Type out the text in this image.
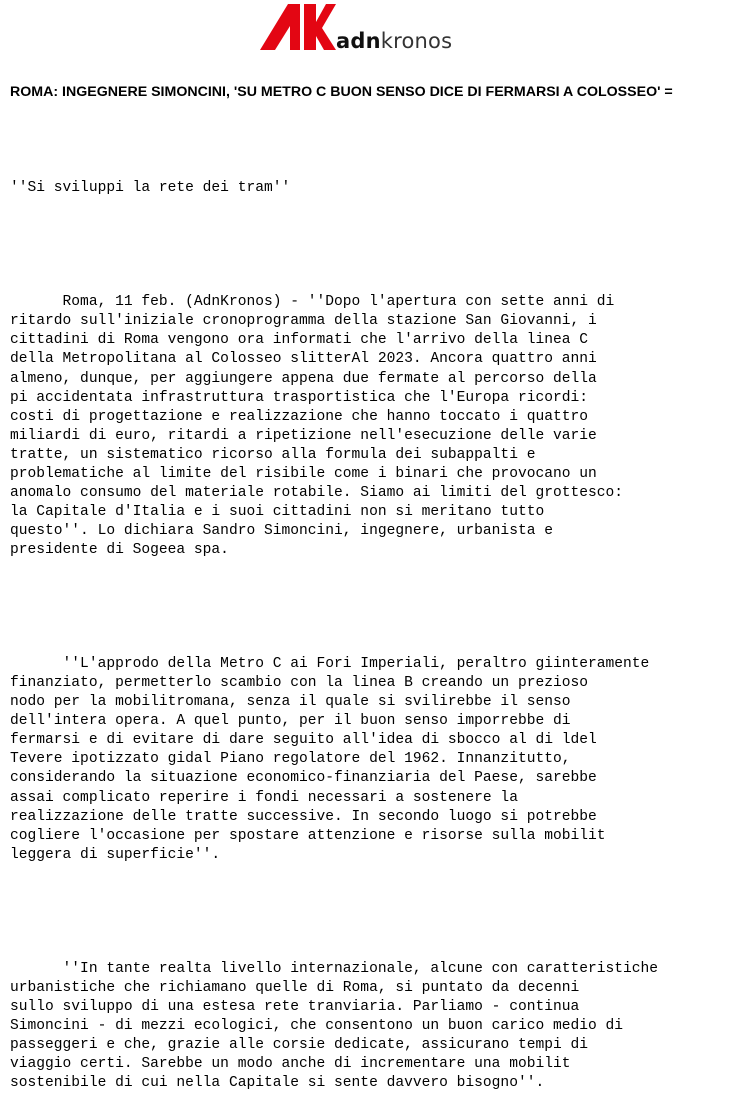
adnkronos
ROMA: INGEGNERE SIMONCINI, 'SU METRO C BUON SENSO DICE DI FERMARSI A COLOSSEO' =

''Si sviluppi la rete dei tram''

Roma, 11 feb. (AdnKronos) - ''Dopo l'apertura con sette anni di
ritardo sull'iniziale cronoprogramma della stazione San Giovanni, i
cittadini di Roma vengono ora informati che l'arrivo della linea C
della Metropolitana al Colosseo slitterAl 2023. Ancora quattro anni
almeno, dunque, per aggiungere appena due fermate al percorso della
pi accidentata infrastruttura trasportistica che l'Europa ricordi:
costi di progettazione e realizzazione che hanno toccato i quattro
miliardi di euro, ritardi a ripetizione nell'esecuzione delle varie
tratte, un sistematico ricorso alla formula dei subappalti e
problematiche al limite del risibile come i binari che provocano un
anomalo consumo del materiale rotabile. Siamo ai limiti del grottesco:
la Capitale d'Italia e i suoi cittadini non si meritano tutto
questo''. Lo dichiara Sandro Simoncini, ingegnere, urbanista e
presidente di Sogeea spa.

''L'approdo della Metro C ai Fori Imperiali, peraltro giinteramente
finanziato, permetterlo scambio con la linea B creando un prezioso
nodo per la mobilitromana, senza il quale si svilirebbe il senso
dell'intera opera. A quel punto, per il buon senso imporrebbe di
fermarsi e di evitare di dare seguito all'idea di sbocco al di ldel
Tevere ipotizzato gidal Piano regolatore del 1962. Innanzitutto,
considerando la situazione economico-finanziaria del Paese, sarebbe
assai complicato reperire i fondi necessari a sostenere la
realizzazione delle tratte successive. In secondo luogo si potrebbe
cogliere l'occasione per spostare attenzione e risorse sulla mobilit
leggera di superficie''.

''In tante realta livello internazionale, alcune con caratteristiche
urbanistiche che richiamano quelle di Roma, si puntato da decenni
sullo sviluppo di una estesa rete tranviaria. Parliamo - continua
Simoncini - di mezzi ecologici, che consentono un buon carico medio di
passeggeri e che, grazie alle corsie dedicate, assicurano tempi di
viaggio certi. Sarebbe un modo anche di incrementare una mobilit
sostenibile di cui nella Capitale si sente davvero bisogno''.
